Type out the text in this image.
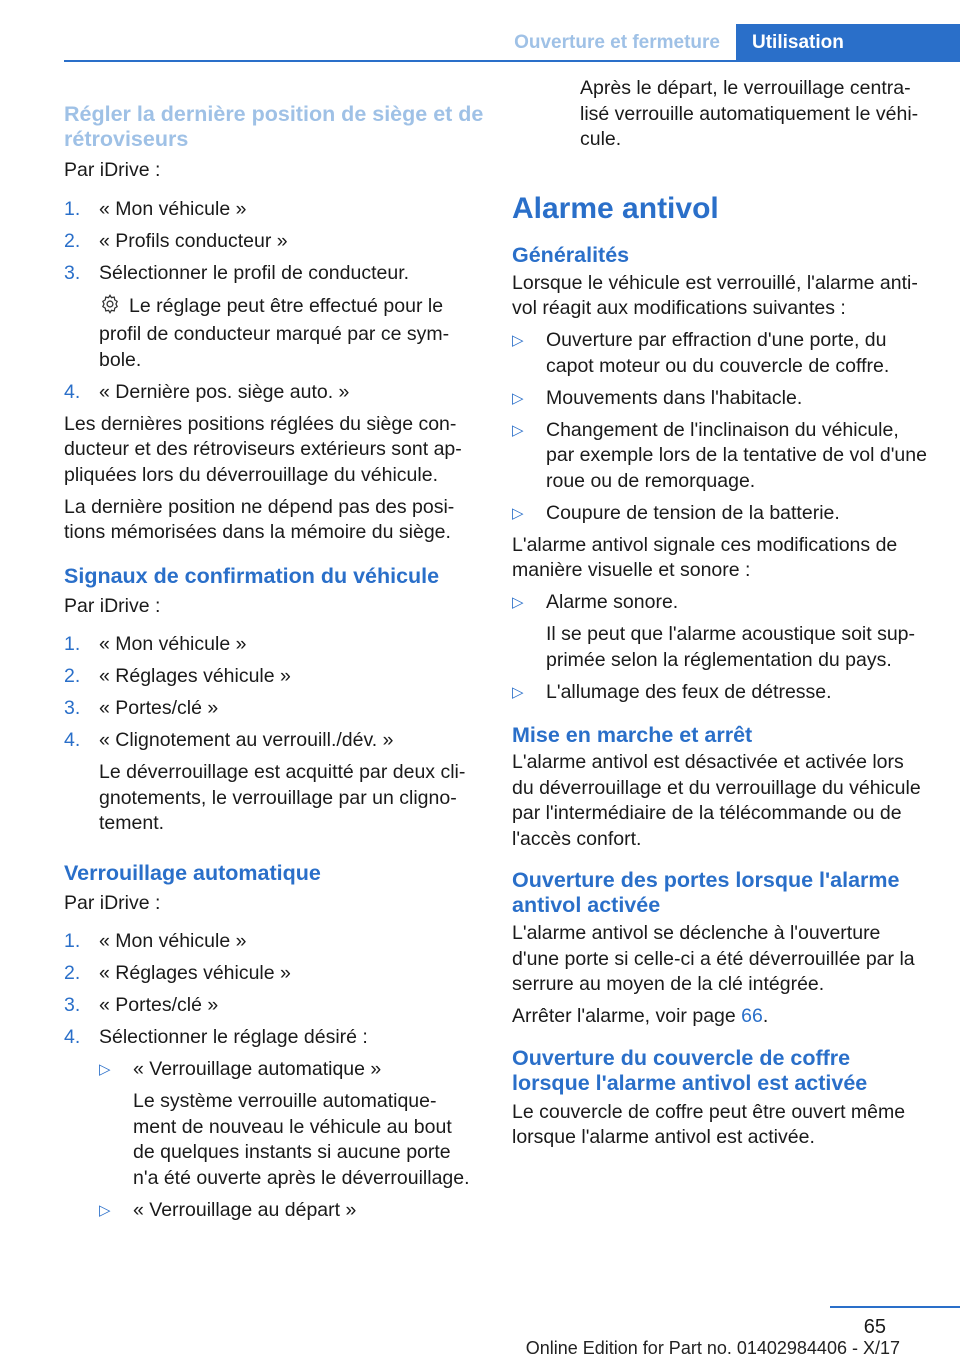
Ouverture et fermeture	Utilisation
Régler la dernière position de siège et de rétroviseurs

Par iDrive :

1. « Mon véhicule »
2. « Profils conducteur »
3. Sélectionner le profil de conducteur.
Le réglage peut être effectué pour le profil de conducteur marqué par ce sym-bole.
4. « Dernière pos. siège auto. »

Les dernières positions réglées du siège con-ducteur et des rétroviseurs extérieurs sont ap-pliquées lors du déverrouillage du véhicule.

La dernière position ne dépend pas des posi-tions mémorisées dans la mémoire du siège.

Signaux de confirmation du véhicule

Par iDrive :

1. « Mon véhicule »
2. « Réglages véhicule »
3. « Portes/clé »
4. « Clignotement au verrouill./dév. »
Le déverrouillage est acquitté par deux cli-gnotements, le verrouillage par un cligno-tement.
Verrouillage automatique

Par iDrive :

1. « Mon véhicule »
2. « Réglages véhicule »
3. « Portes/clé »
4. Sélectionner le réglage désiré :
▷	« Verrouillage automatique »
Le système verrouille automatique-ment de nouveau le véhicule au bout de quelques instants si aucune porte n'a été ouverte après le déverrouillage.
▷	« Verrouillage au départ »

Après le départ, le verrouillage centra-lisé verrouille automatiquement le véhi-cule.

Alarme antivol
Généralités

Lorsque le véhicule est verrouillé, l'alarme anti-vol réagit aux modifications suivantes :

▷	Ouverture par effraction d'une porte, du capot moteur ou du couvercle de coffre.
▷	Mouvements dans l'habitacle.
▷	Changement de l'inclinaison du véhicule, par exemple lors de la tentative de vol d'une roue ou de remorquage.
▷	Coupure de tension de la batterie.

L'alarme antivol signale ces modifications de manière visuelle et sonore :

▷	Alarme sonore.
Il se peut que l'alarme acoustique soit sup-primée selon la réglementation du pays.
▷	L'allumage des feux de détresse.
Mise en marche et arrêt

L'alarme antivol est désactivée et activée lors du déverrouillage et du verrouillage du véhicule par l'intermédiaire de la télécommande ou de l'accès confort.

Ouverture des portes lorsque l'alarme antivol activée

L'alarme antivol se déclenche à l'ouverture d'une porte si celle-ci a été déverrouillée par la serrure au moyen de la clé intégrée.

Arrêter l'alarme, voir page 66.

Ouverture du couvercle de coffre lorsque l'alarme antivol est activée

Le couvercle de coffre peut être ouvert même lorsque l'alarme antivol est activée.

65
Online Edition for Part no. 01402984406 - X/17
